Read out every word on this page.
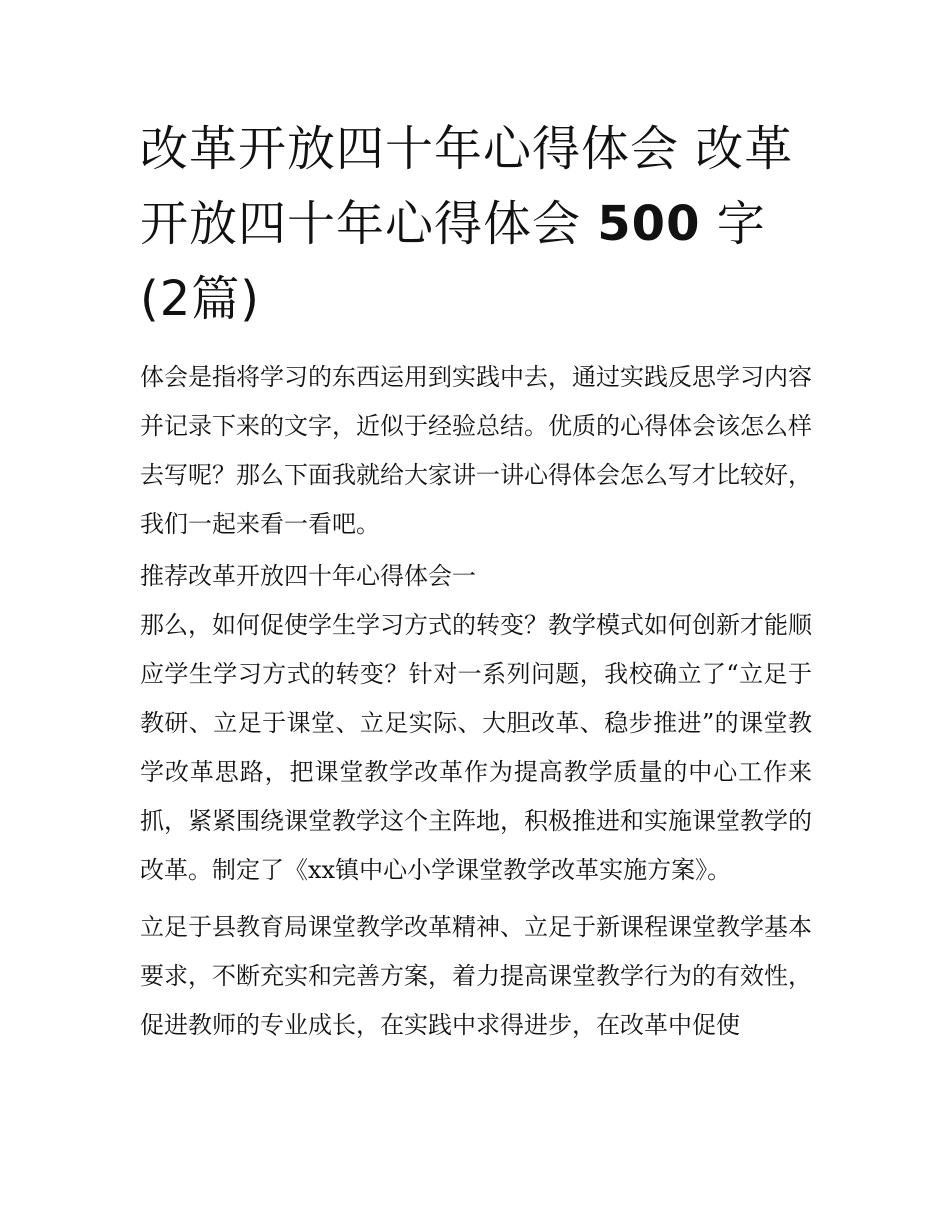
改革开放四十年心得体会 改革开放四十年心得体会 500 字(2篇)

体会是指将学习的东西运用到实践中去，通过实践反思学习内容并记录下来的文字，近似于经验总结。优质的心得体会该怎么样去写呢？那么下面我就给大家讲一讲心得体会怎么写才比较好，我们一起来看一看吧。

推荐改革开放四十年心得体会一

那么，如何促使学生学习方式的转变？教学模式如何创新才能顺应学生学习方式的转变？针对一系列问题，我校确立了“立足于教研、立足于课堂、立足实际、大胆改革、稳步推进”的课堂教学改革思路，把课堂教学改革作为提高教学质量的中心工作来抓，紧紧围绕课堂教学这个主阵地，积极推进和实施课堂教学的改革。制定了《xx镇中心小学课堂教学改革实施方案》。

立足于县教育局课堂教学改革精神、立足于新课程课堂教学基本要求，不断充实和完善方案，着力提高课堂教学行为的有效性，促进教师的专业成长，在实践中求得进步，在改革中促使
